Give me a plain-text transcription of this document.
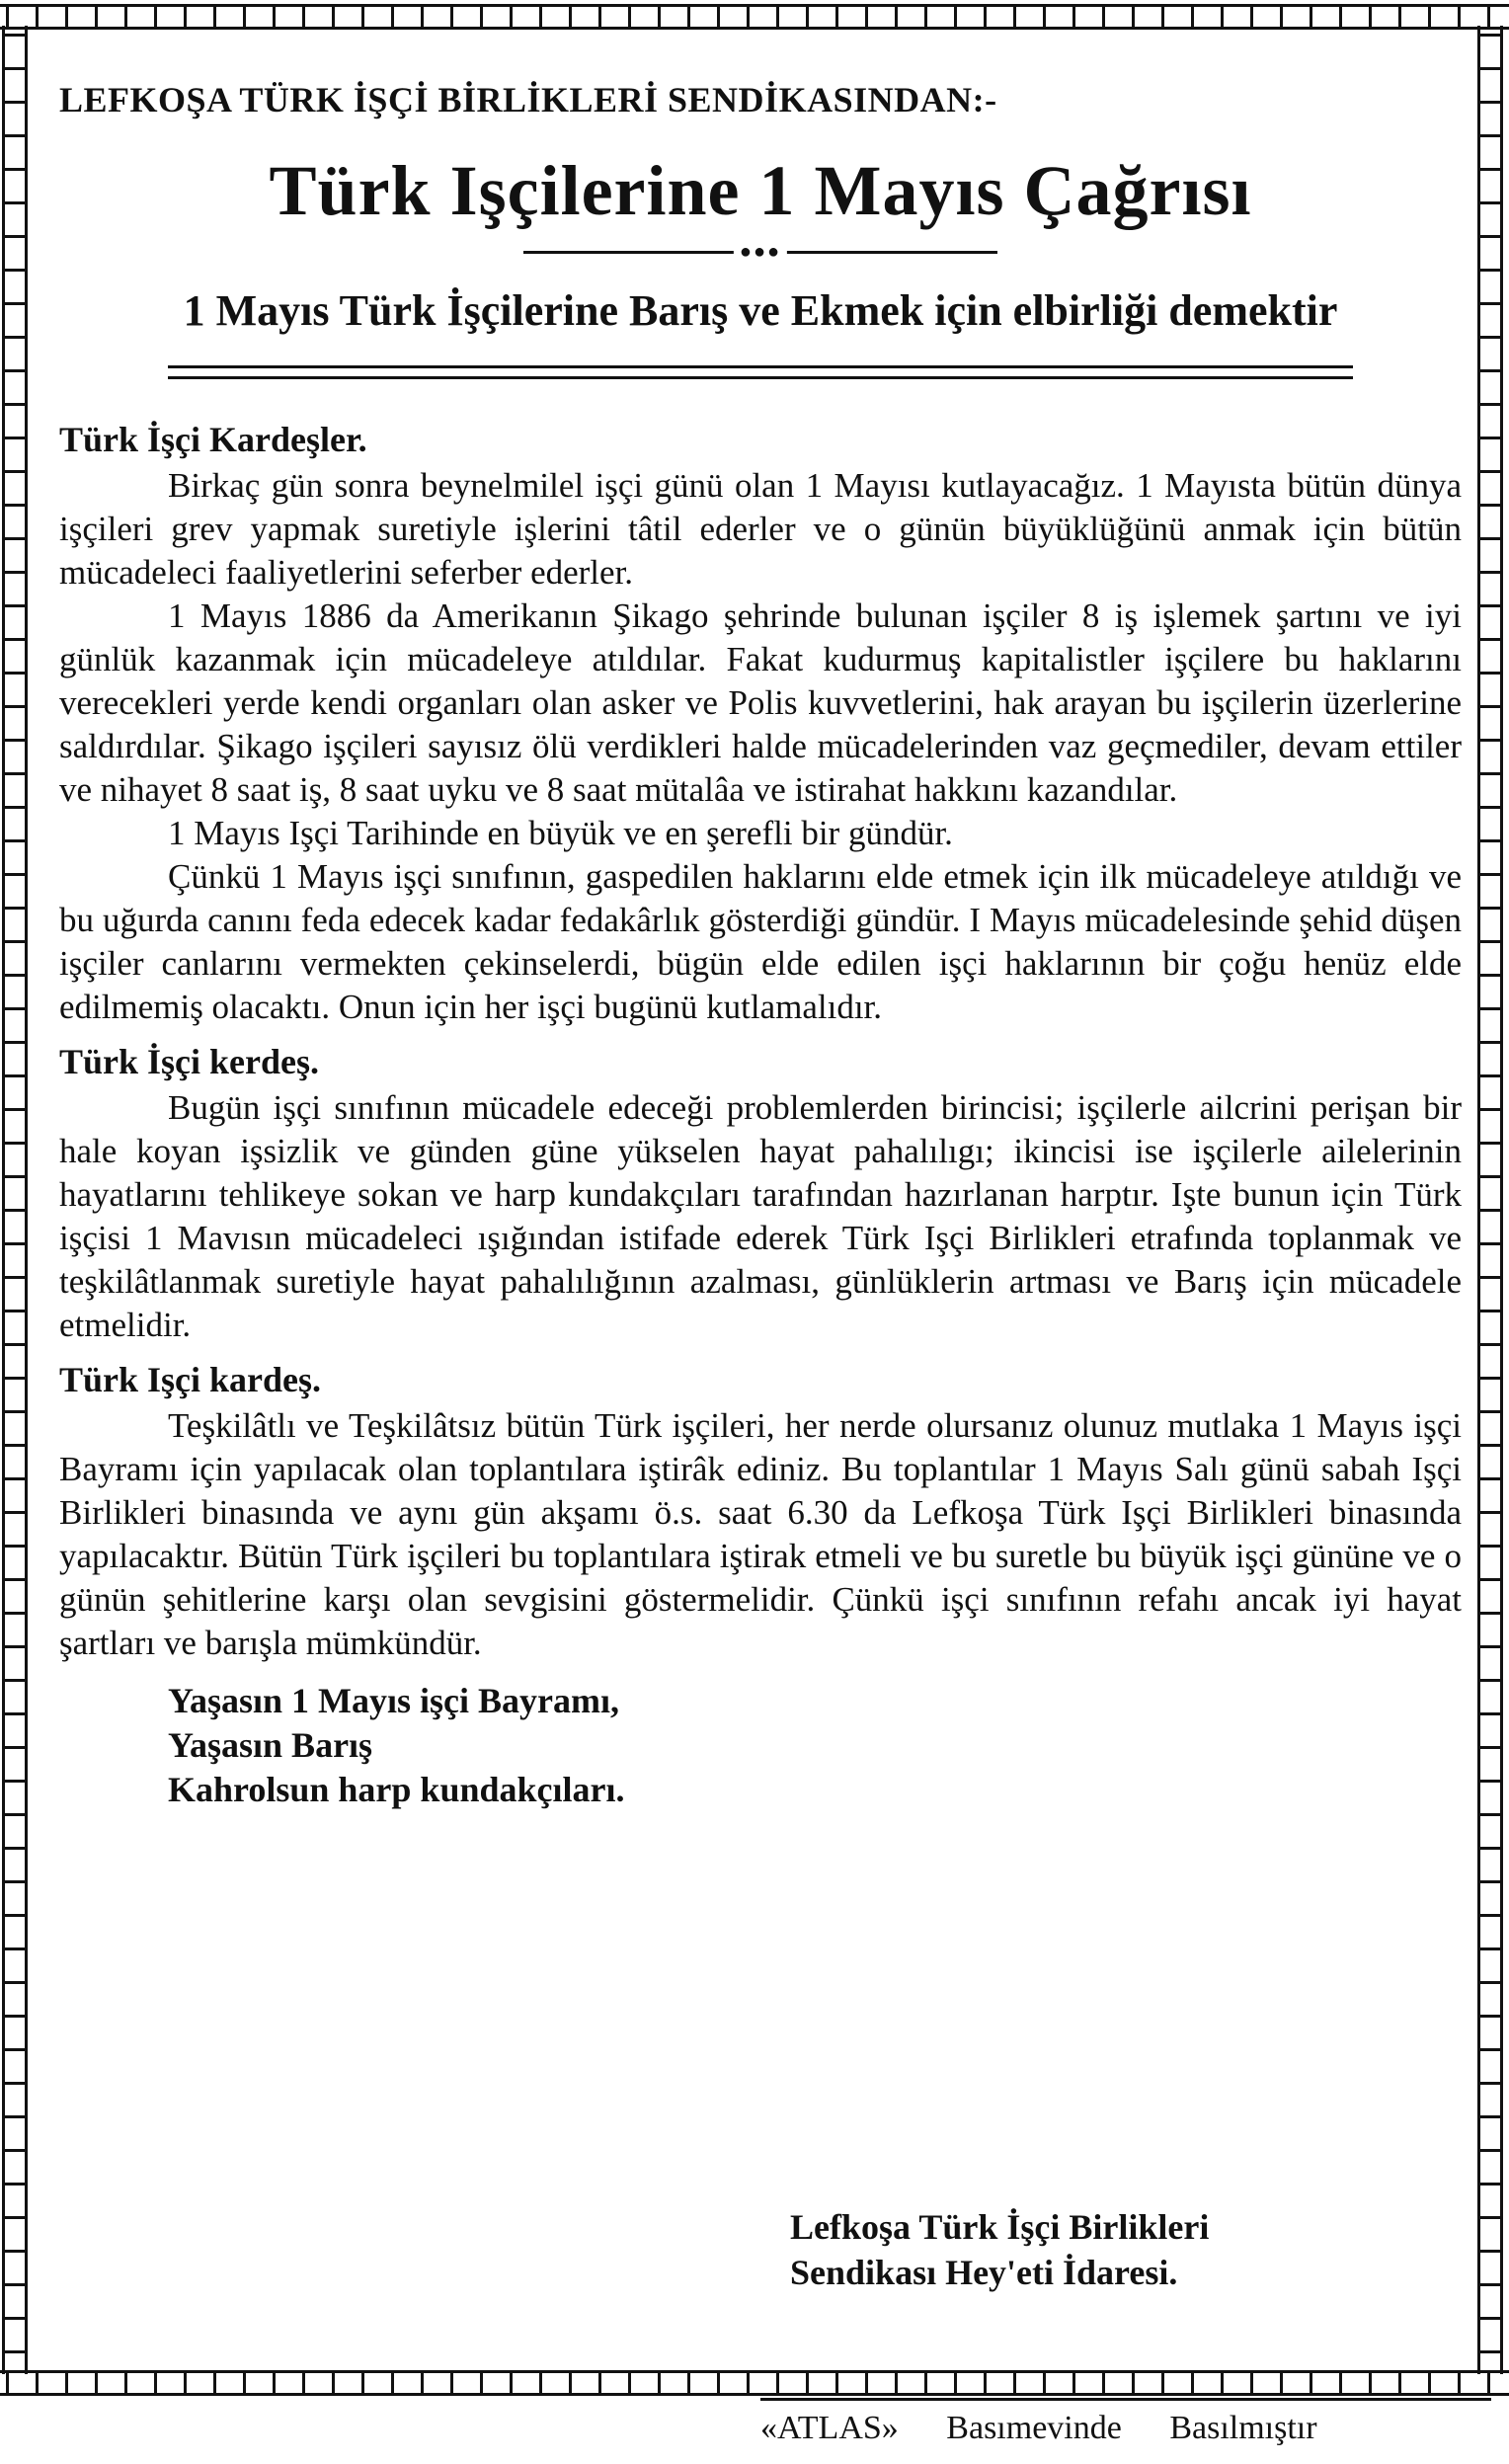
LEFKOŞA TÜRK İŞÇİ BİRLİKLERİ SENDİKASINDAN:-
Türk Işçilerine 1 Mayıs Çağrısı
●●●
1 Mayıs Türk İşçilerine Barış ve Ekmek için elbirliği demektir
Türk İşçi Kardeşler.

Birkaç gün sonra beynelmilel işçi günü olan 1 Mayısı kutlayacağız. 1 Mayısta bütün dünya işçileri grev yapmak suretiyle işlerini tâtil ederler ve o günün büyüklüğünü anmak için bütün mücadeleci faaliyetlerini seferber ederler.

1 Mayıs 1886 da Amerikanın Şikago şehrinde bulunan işçiler 8 iş işlemek şartını ve iyi günlük kazanmak için mücadeleye atıldılar. Fakat kudurmuş kapitalistler işçilere bu haklarını verecekleri yerde kendi organları olan asker ve Polis kuvvetlerini, hak arayan bu işçilerin üzerlerine saldırdılar. Şikago işçileri sayısız ölü verdikleri halde mücadelerinden vaz geçmediler, devam ettiler ve nihayet 8 saat iş, 8 saat uyku ve 8 saat mütalâa ve istirahat hakkını kazandılar.

1 Mayıs Işçi Tarihinde en büyük ve en şerefli bir gündür.

Çünkü 1 Mayıs işçi sınıfının, gaspedilen haklarını elde etmek için ilk mücadeleye atıldığı ve bu uğurda canını feda edecek kadar fedakârlık gösterdiği gündür. I Mayıs mücadelesinde şehid düşen işçiler canlarını vermekten çekinselerdi, bügün elde edilen işçi haklarının bir çoğu henüz elde edilmemiş olacaktı. Onun için her işçi bugünü kutlamalıdır.

Türk İşçi kerdeş.

Bugün işçi sınıfının mücadele edeceği problemlerden birincisi; işçilerle ailcrini perişan bir hale koyan işsizlik ve günden güne yükselen hayat pahalılıgı; ikincisi ise işçilerle ailelerinin hayatlarını tehlikeye sokan ve harp kundakçıları tarafından hazırlanan harptır. Işte bunun için Türk işçisi 1 Mavısın mücadeleci ışığından istifade ederek Türk Işçi Birlikleri etrafında toplanmak ve teşkilâtlanmak suretiyle hayat pahalılığının azalması, günlüklerin artması ve Barış için mücadele etmelidir.

Türk Işçi kardeş.

Teşkilâtlı ve Teşkilâtsız bütün Türk işçileri, her nerde olursanız olunuz mutlaka 1 Mayıs işçi Bayramı için yapılacak olan toplantılara iştirâk ediniz. Bu toplantılar 1 Mayıs Salı günü sabah Işçi Birlikleri binasında ve aynı gün akşamı ö.s. saat 6.30 da Lefkoşa Türk Işçi Birlikleri binasında yapılacaktır. Bütün Türk işçileri bu toplantılara iştirak etmeli ve bu suretle bu büyük işçi gününe ve o günün şehitlerine karşı olan sevgisini göstermelidir. Çünkü işçi sınıfının refahı ancak iyi hayat şartları ve barışla mümkündür.

Yaşasın 1 Mayıs işçi Bayramı,
Yaşasın Barış
Kahrolsun harp kundakçıları.
Lefkoşa Türk İşçi Birlikleri
Sendikası Hey'eti İdaresi.
«ATLAS» Basımevinde Basılmıştır
